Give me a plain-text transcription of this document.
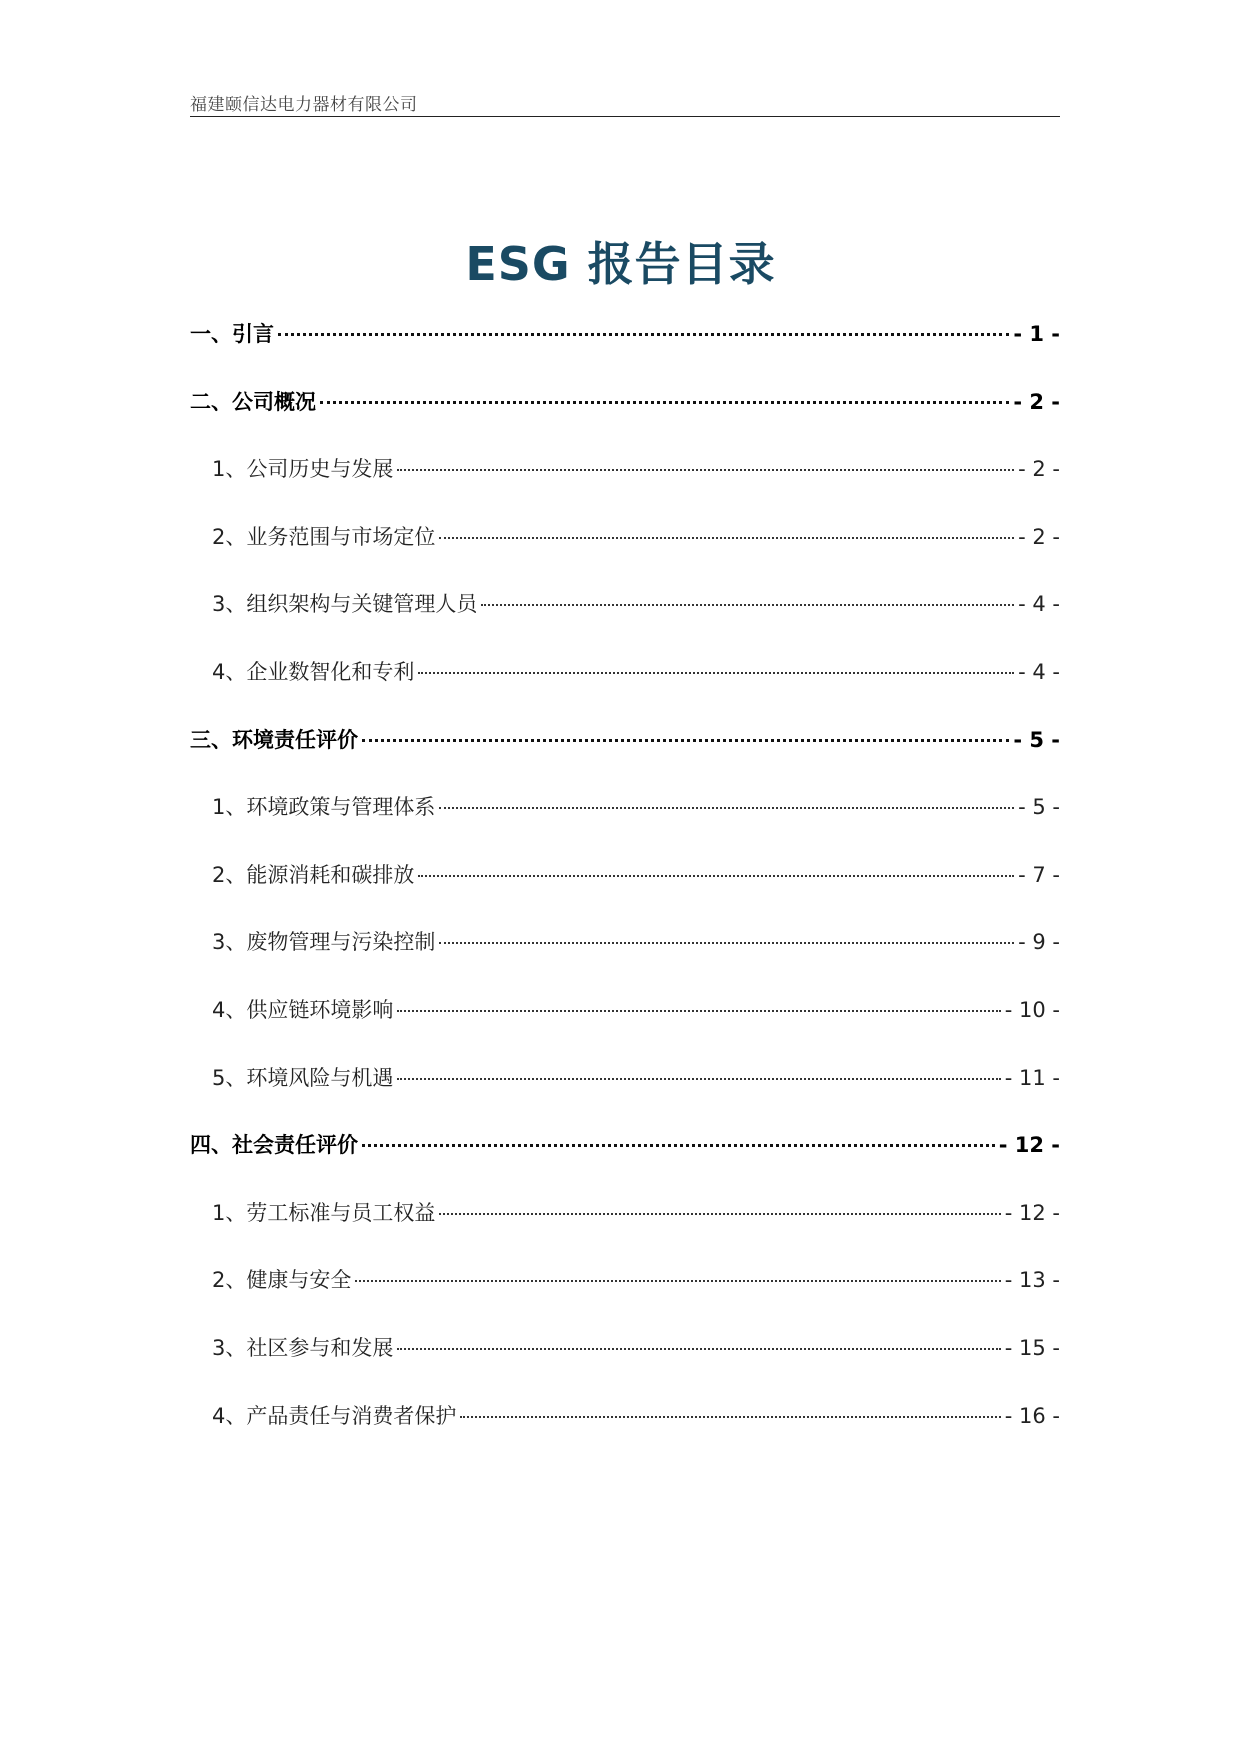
福建颐信达电力器材有限公司
ESG 报告目录
一、引言	- 1 -
二、公司概况	- 2 -
1、公司历史与发展	- 2 -
2、业务范围与市场定位	- 2 -
3、组织架构与关键管理人员	- 4 -
4、企业数智化和专利	- 4 -
三、环境责任评价	- 5 -
1、环境政策与管理体系	- 5 -
2、能源消耗和碳排放	- 7 -
3、废物管理与污染控制	- 9 -
4、供应链环境影响	- 10 -
5、环境风险与机遇	- 11 -
四、社会责任评价	- 12 -
1、劳工标准与员工权益	- 12 -
2、健康与安全	- 13 -
3、社区参与和发展	- 15 -
4、产品责任与消费者保护	- 16 -
